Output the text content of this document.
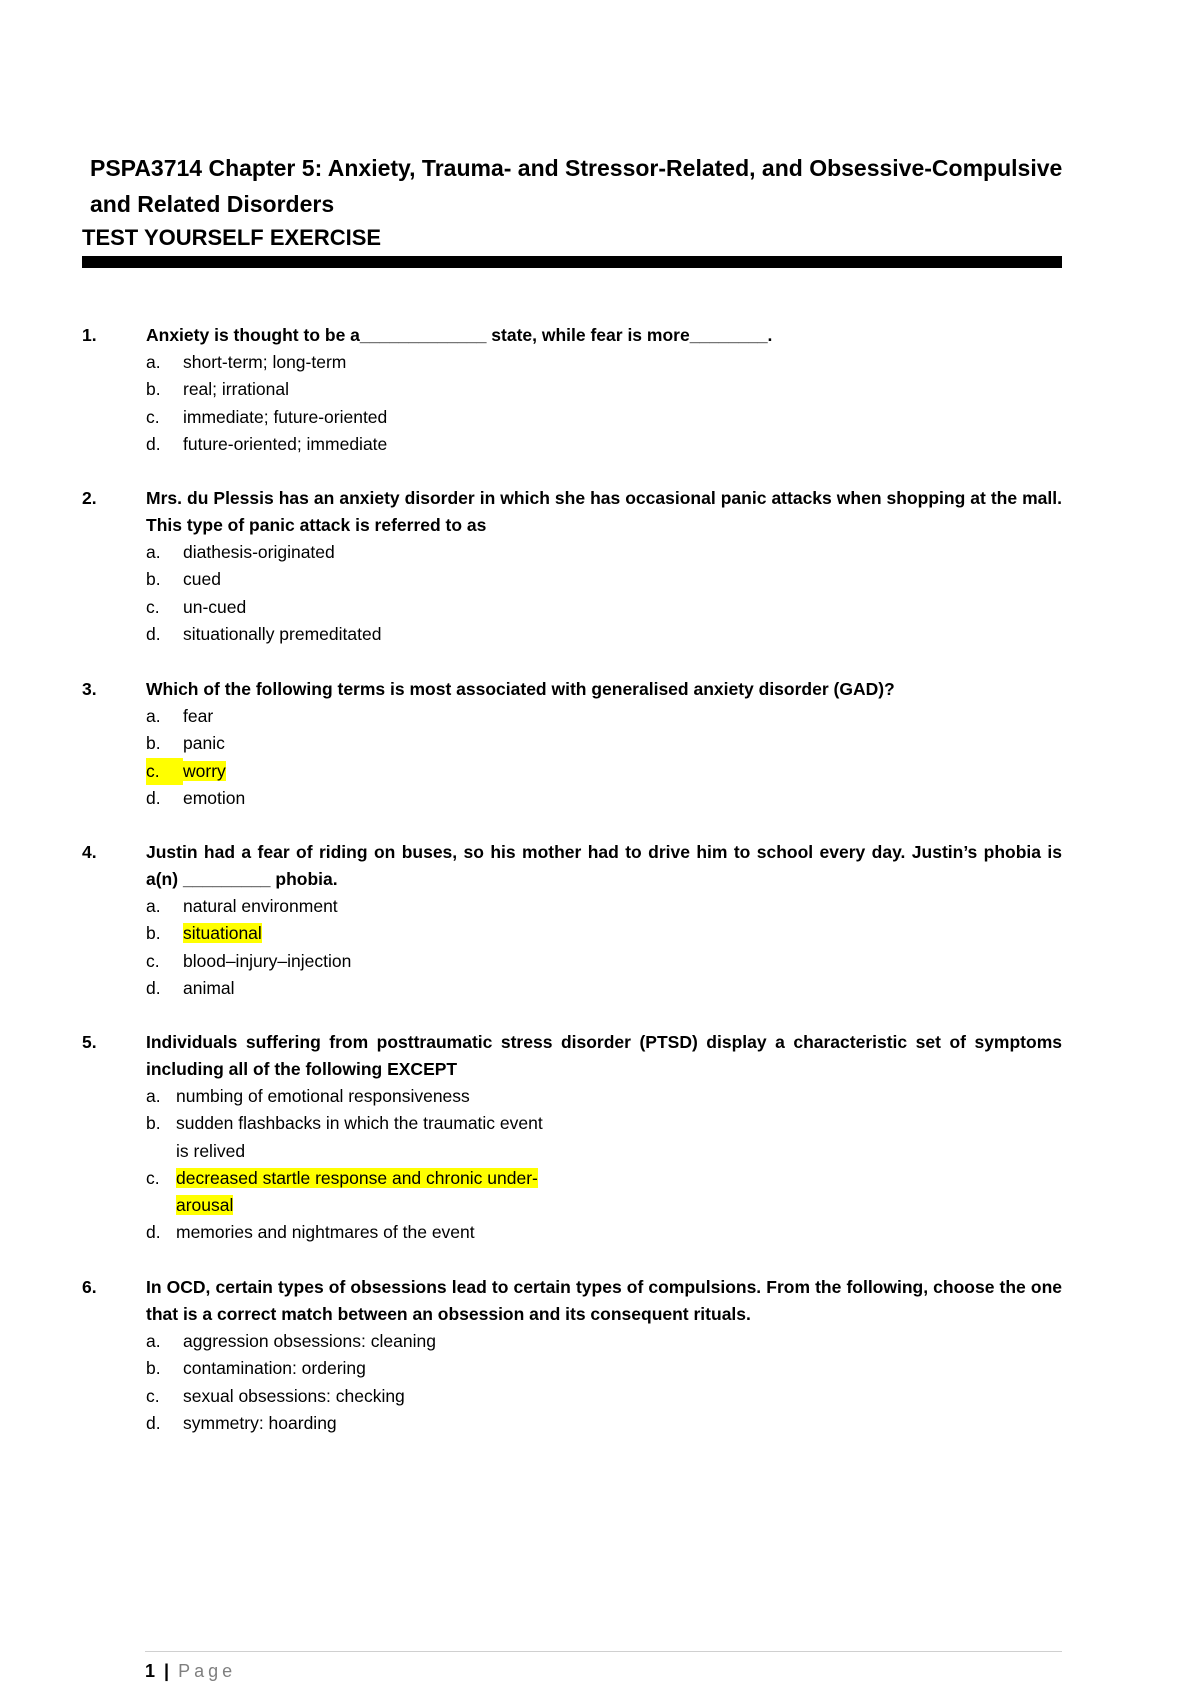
PSPA3714 Chapter 5: Anxiety, Trauma- and Stressor-Related, and Obsessive-Compulsive and Related Disorders
TEST YOURSELF EXERCISE
1.	Anxiety is thought to be a_____________ state, while fear is more________.
a.	short-term; long-term
b.	real; irrational
c.	immediate; future-oriented
d.	future-oriented; immediate
2.	Mrs. du Plessis has an anxiety disorder in which she has occasional panic attacks when shopping at the mall. This type of panic attack is referred to as
a.	diathesis-originated
b.	cued
c.	un-cued
d.	situationally premeditated
3.	Which of the following terms is most associated with generalised anxiety disorder (GAD)?
a.	fear
b.	panic
c.	worry
d.	emotion
4.	Justin had a fear of riding on buses, so his mother had to drive him to school every day. Justin’s phobia is a(n) _________ phobia.
a.	natural environment
b.	situational
c.	blood–injury–injection
d.	animal
5.	Individuals suffering from posttraumatic stress disorder (PTSD) display a characteristic set of symptoms including all of the following EXCEPT
a. numbing of emotional responsiveness
b. sudden flashbacks in which the traumatic event is relived
c. decreased startle response and chronic under-arousal
d. memories and nightmares of the event
6.	In OCD, certain types of obsessions lead to certain types of compulsions. From the following, choose the one that is a correct match between an obsession and its consequent rituals.
a.	aggression obsessions: cleaning
b.	contamination: ordering
c.	sexual obsessions: checking
d.	symmetry: hoarding
1 | Page
